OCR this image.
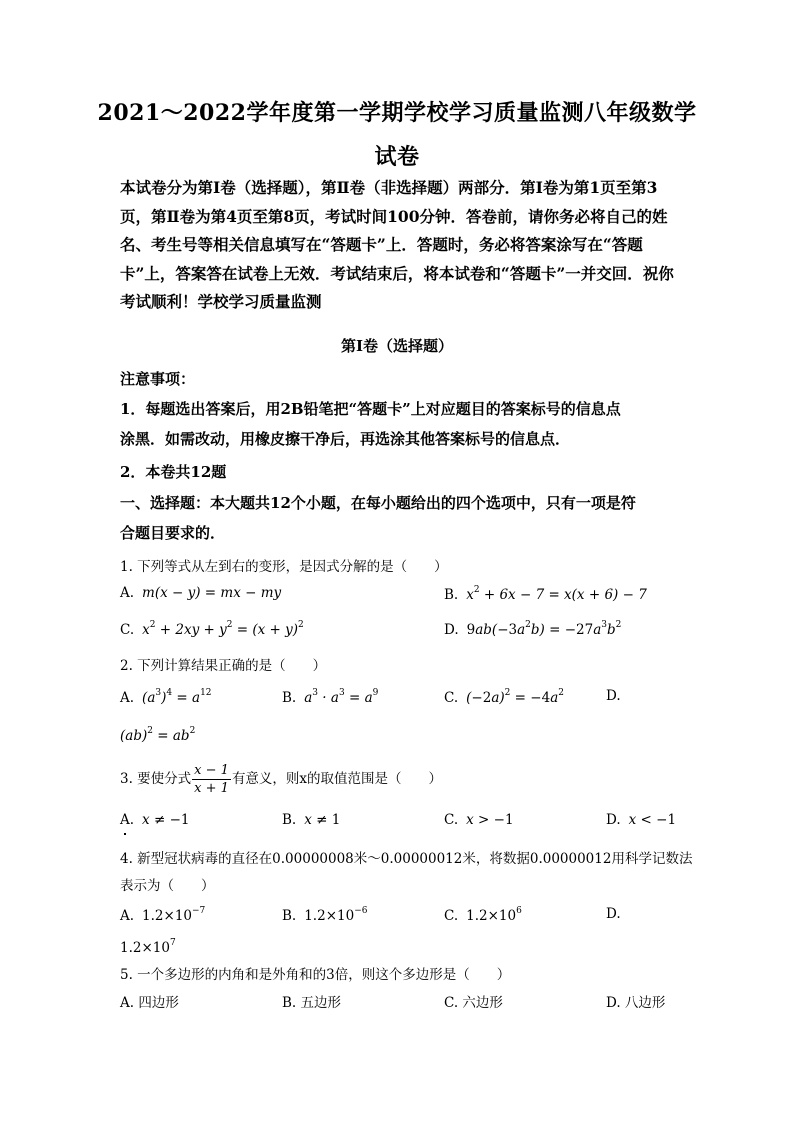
2021～2022学年度第一学期学校学习质量监测八年级数学
试卷

本试卷分为第Ⅰ卷（选择题），第Ⅱ卷（非选择题）两部分．第Ⅰ卷为第1页至第3页，第Ⅱ卷为第4页至第8页，考试时间100分钟．答卷前，请你务必将自己的姓名、考生号等相关信息填写在“答题卡”上．答题时，务必将答案涂写在“答题卡”上，答案答在试卷上无效．考试结束后，将本试卷和“答题卡”一并交回．祝你考试顺利！学校学习质量监测

第Ⅰ卷（选择题）
注意事项：
1．每题选出答案后，用2B铅笔把“答题卡”上对应题目的答案标号的信息点
涂黑．如需改动，用橡皮擦干净后，再选涂其他答案标号的信息点．
2．本卷共12题
一、选择题：本大题共12个小题，在每小题给出的四个选项中，只有一项是符
合题目要求的．
1. 下列等式从左到右的变形，是因式分解的是（　　）
A. m(x − y) = mx − my	B. $x^2 + 6x - 7 = x(x + 6) - 7$
C. $x^2 + 2xy + y^2 = (x + y)^2$	D. $9ab(-3a^2b) = -27a^3b^2$
2. 下列计算结果正确的是（　　）
A. $(a^3)^4 = a^{12}$	B. $a^3 \cdot a^3 = a^9$	C. $(-2a)^2 = -4a^2$	D.
$(ab)^2 = ab^2$
3. 要使分式 $\frac{x - 1}{x + 1}$ 有意义，则x的取值范围是（　　）
A. x ≠ −1	B. x ≠ 1	C. x > −1	D. x < −1
4. 新型冠状病毒的直径在0.00000008米～0.00000012米，将数据0.00000012用科学记数法
表示为（　　）
A. $1.2\times 10^{-7}$	B. $1.2\times 10^{-6}$	C. $1.2\times 10^6$	D.
$1.2\times 10^7$
5. 一个多边形的内角和是外角和的3倍，则这个多边形是（　　）
A. 四边形	B. 五边形	C. 六边形	D. 八边形
